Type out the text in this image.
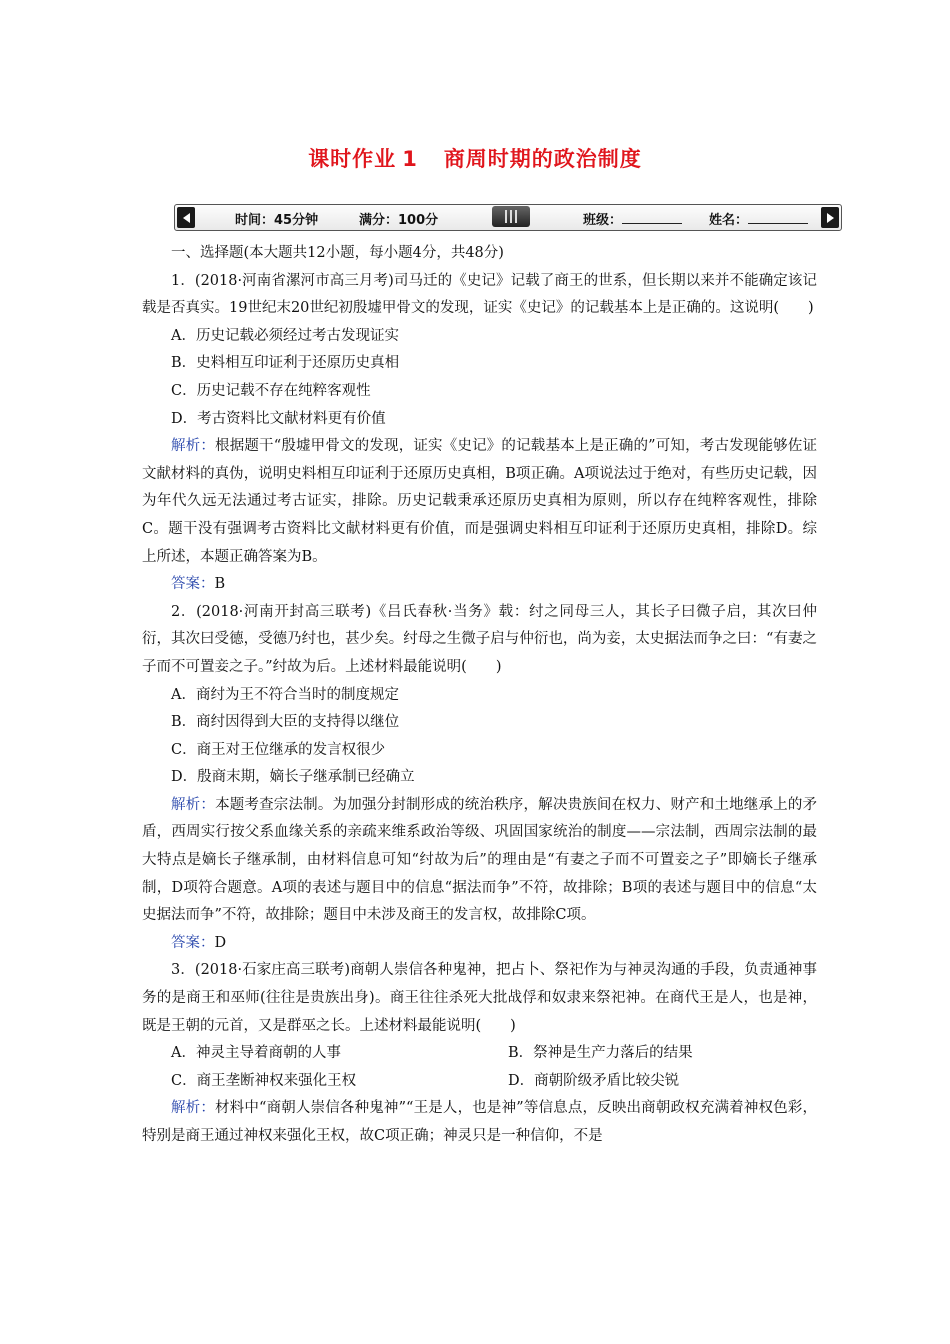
课时作业 1 商周时期的政治制度
时间：45分钟	满分：100分	班级：	姓名：

一、选择题(本大题共12小题，每小题4分，共48分)

1．(2018·河南省漯河市高三月考)司马迁的《史记》记载了商王的世系，但长期以来并不能确定该记载是否真实。19世纪末20世纪初殷墟甲骨文的发现，证实《史记》的记载基本上是正确的。这说明(　　)

A．历史记载必须经过考古发现证实

B．史料相互印证利于还原历史真相

C．历史记载不存在纯粹客观性

D．考古资料比文献材料更有价值

解析：根据题干“殷墟甲骨文的发现，证实《史记》的记载基本上是正确的”可知，考古发现能够佐证文献材料的真伪，说明史料相互印证利于还原历史真相，B项正确。A项说法过于绝对，有些历史记载，因为年代久远无法通过考古证实，排除。历史记载秉承还原历史真相为原则，所以存在纯粹客观性，排除C。题干没有强调考古资料比文献材料更有价值，而是强调史料相互印证利于还原历史真相，排除D。综上所述，本题正确答案为B。

答案：B

2．(2018·河南开封高三联考)《吕氏春秋·当务》载：纣之同母三人，其长子曰微子启，其次曰仲衍，其次曰受德，受德乃纣也，甚少矣。纣母之生微子启与仲衍也，尚为妾，太史据法而争之曰：“有妻之子而不可置妾之子。”纣故为后。上述材料最能说明(　　)

A．商纣为王不符合当时的制度规定

B．商纣因得到大臣的支持得以继位

C．商王对王位继承的发言权很少

D．殷商末期，嫡长子继承制已经确立

解析：本题考查宗法制。为加强分封制形成的统治秩序，解决贵族间在权力、财产和土地继承上的矛盾，西周实行按父系血缘关系的亲疏来维系政治等级、巩固国家统治的制度——宗法制，西周宗法制的最大特点是嫡长子继承制，由材料信息可知“纣故为后”的理由是“有妻之子而不可置妾之子”即嫡长子继承制，D项符合题意。A项的表述与题目中的信息“据法而争”不符，故排除；B项的表述与题目中的信息“太史据法而争”不符，故排除；题目中未涉及商王的发言权，故排除C项。

答案：D

3．(2018·石家庄高三联考)商朝人崇信各种鬼神，把占卜、祭祀作为与神灵沟通的手段，负责通神事务的是商王和巫师(往往是贵族出身)。商王往往杀死大批战俘和奴隶来祭祀神。在商代王是人，也是神，既是王朝的元首，又是群巫之长。上述材料最能说明(　　)

A．神灵主导着商朝的人事	B．祭神是生产力落后的结果
C．商王垄断神权来强化王权	D．商朝阶级矛盾比较尖锐

解析：材料中“商朝人崇信各种鬼神”“王是人，也是神”等信息点，反映出商朝政权充满着神权色彩，特别是商王通过神权来强化王权，故C项正确；神灵只是一种信仰，不是
